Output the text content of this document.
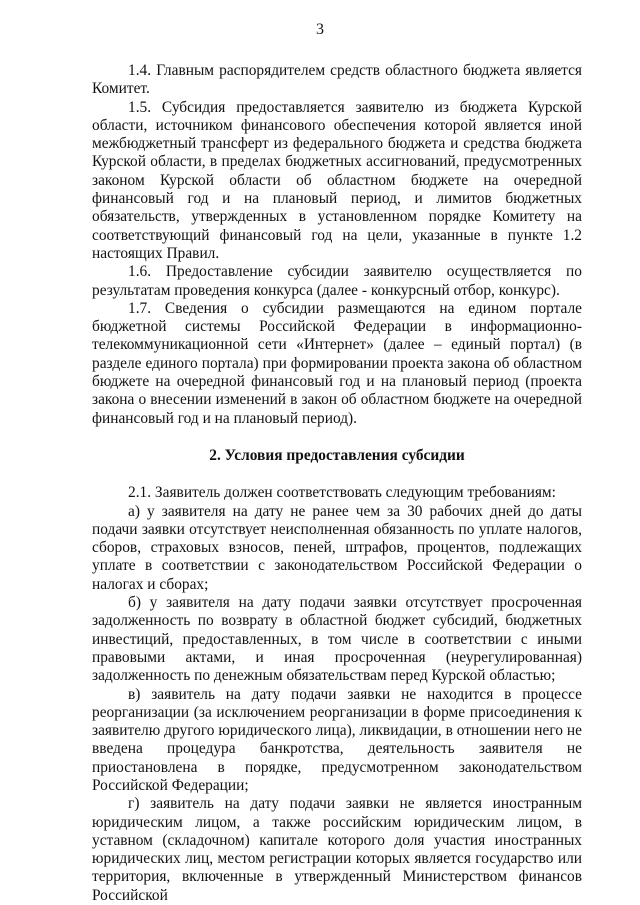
3

1.4. Главным распорядителем средств областного бюджета является Комитет.

1.5. Субсидия предоставляется заявителю из бюджета Курской области, источником финансового обеспечения которой является иной межбюджетный трансферт из федерального бюджета и средства бюджета Курской области, в пределах бюджетных ассигнований, предусмотренных законом Курской области об областном бюджете на очередной финансовый год и на плановый период, и лимитов бюджетных обязательств, утвержденных в установленном порядке Комитету на соответствующий финансовый год на цели, указанные в пункте 1.2 настоящих Правил.

1.6. Предоставление субсидии заявителю осуществляется по результатам проведения конкурса (далее - конкурсный отбор, конкурс).

1.7. Сведения о субсидии размещаются на едином портале бюджетной системы Российской Федерации в информационно-телекоммуникационной сети «Интернет» (далее – единый портал) (в разделе единого портала) при формировании проекта закона об областном бюджете на очередной финансовый год и на плановый период (проекта закона о внесении изменений в закон об областном бюджете на очередной финансовый год и на плановый период).

2. Условия предоставления субсидии

2.1. Заявитель должен соответствовать следующим требованиям:

а) у заявителя на дату не ранее чем за 30 рабочих дней до даты подачи заявки отсутствует неисполненная обязанность по уплате налогов, сборов, страховых взносов, пеней, штрафов, процентов, подлежащих уплате в соответствии с законодательством Российской Федерации о налогах и сборах;

б) у заявителя на дату подачи заявки отсутствует просроченная задолженность по возврату в областной бюджет субсидий, бюджетных инвестиций, предоставленных, в том числе в соответствии с иными правовыми актами, и иная просроченная (неурегулированная) задолженность по денежным обязательствам перед Курской областью;

в) заявитель на дату подачи заявки не находится в процессе реорганизации (за исключением реорганизации в форме присоединения к заявителю другого юридического лица), ликвидации, в отношении него не введена процедура банкротства, деятельность заявителя не приостановлена в порядке, предусмотренном законодательством Российской Федерации;

г) заявитель на дату подачи заявки не является иностранным юридическим лицом, а также российским юридическим лицом, в уставном (складочном) капитале которого доля участия иностранных юридических лиц, местом регистрации которых является государство или территория, включенные в утвержденный Министерством финансов Российской
